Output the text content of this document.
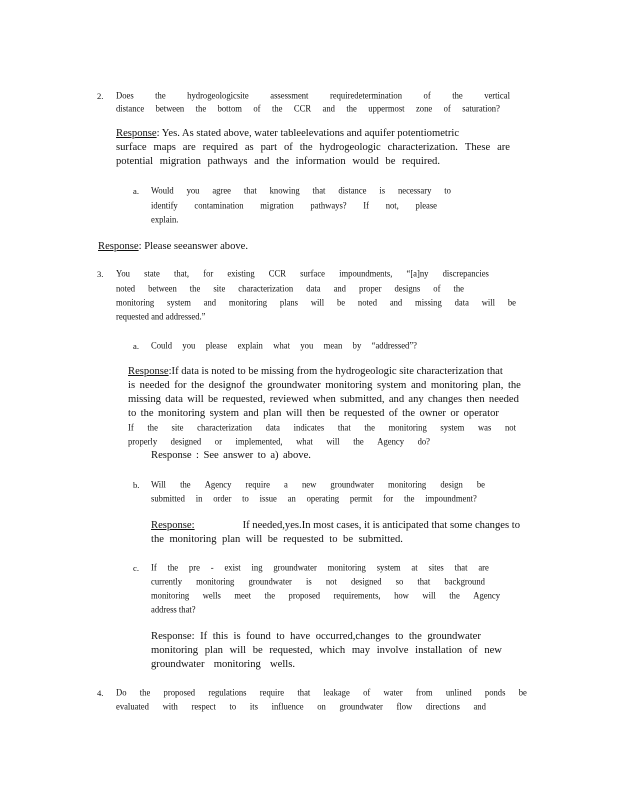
2. Does	the	hydrogeologicsite	assessment	requiredetermination	of	the	vertical
distance between the bottom of the CCR and the uppermost zone of saturation?
Response: Yes. As stated above, water tableelevations and aquifer potentiometric
surface maps are required as part of the hydrogeologic characterization. These are
potential migration pathways and the information would be required.
a. Would you agree that knowing that distance is necessary to
identify contamination migration pathways? If not, please
explain.
Response: Please seeanswer above.
3. You state that, for existing CCR surface impoundments, “[a]ny discrepancies
noted between the site characterization data and proper designs of the
monitoring system and monitoring plans will be noted and missing data will be
requested and addressed.”
a. Could you please explain what you mean by “addressed”?
Response:If data is noted to be missing from the hydrogeologic site characterization that
is needed for the designof the groundwater monitoring system and monitoring plan, the
missing data will be requested, reviewed when submitted, and any changes then needed
to the monitoring system and plan will then be requested of the owner or operator
If the site characterization data indicates that the monitoring system was not
properly designed or implemented, what will the Agency do?
Response : See answer to a) above.
b. Will the Agency require a new groundwater monitoring design be
submitted in order to issue an operating permit for the impoundment?
Response:	If needed,yes.In most cases, it is anticipated that some changes to
the monitoring plan will be requested to be submitted.
c. If the pre - exist ing groundwater monitoring system at sites that are
currently monitoring groundwater is not designed so that background
monitoring wells meet the proposed requirements, how will the Agency
address that?
Response: If this is found to have occurred,changes to the groundwater
monitoring plan will be requested, which may involve installation of new
groundwater monitoring wells.
4. Do the proposed regulations require that leakage of water from unlined ponds be
evaluated with respect to its influence on groundwater flow directions and
